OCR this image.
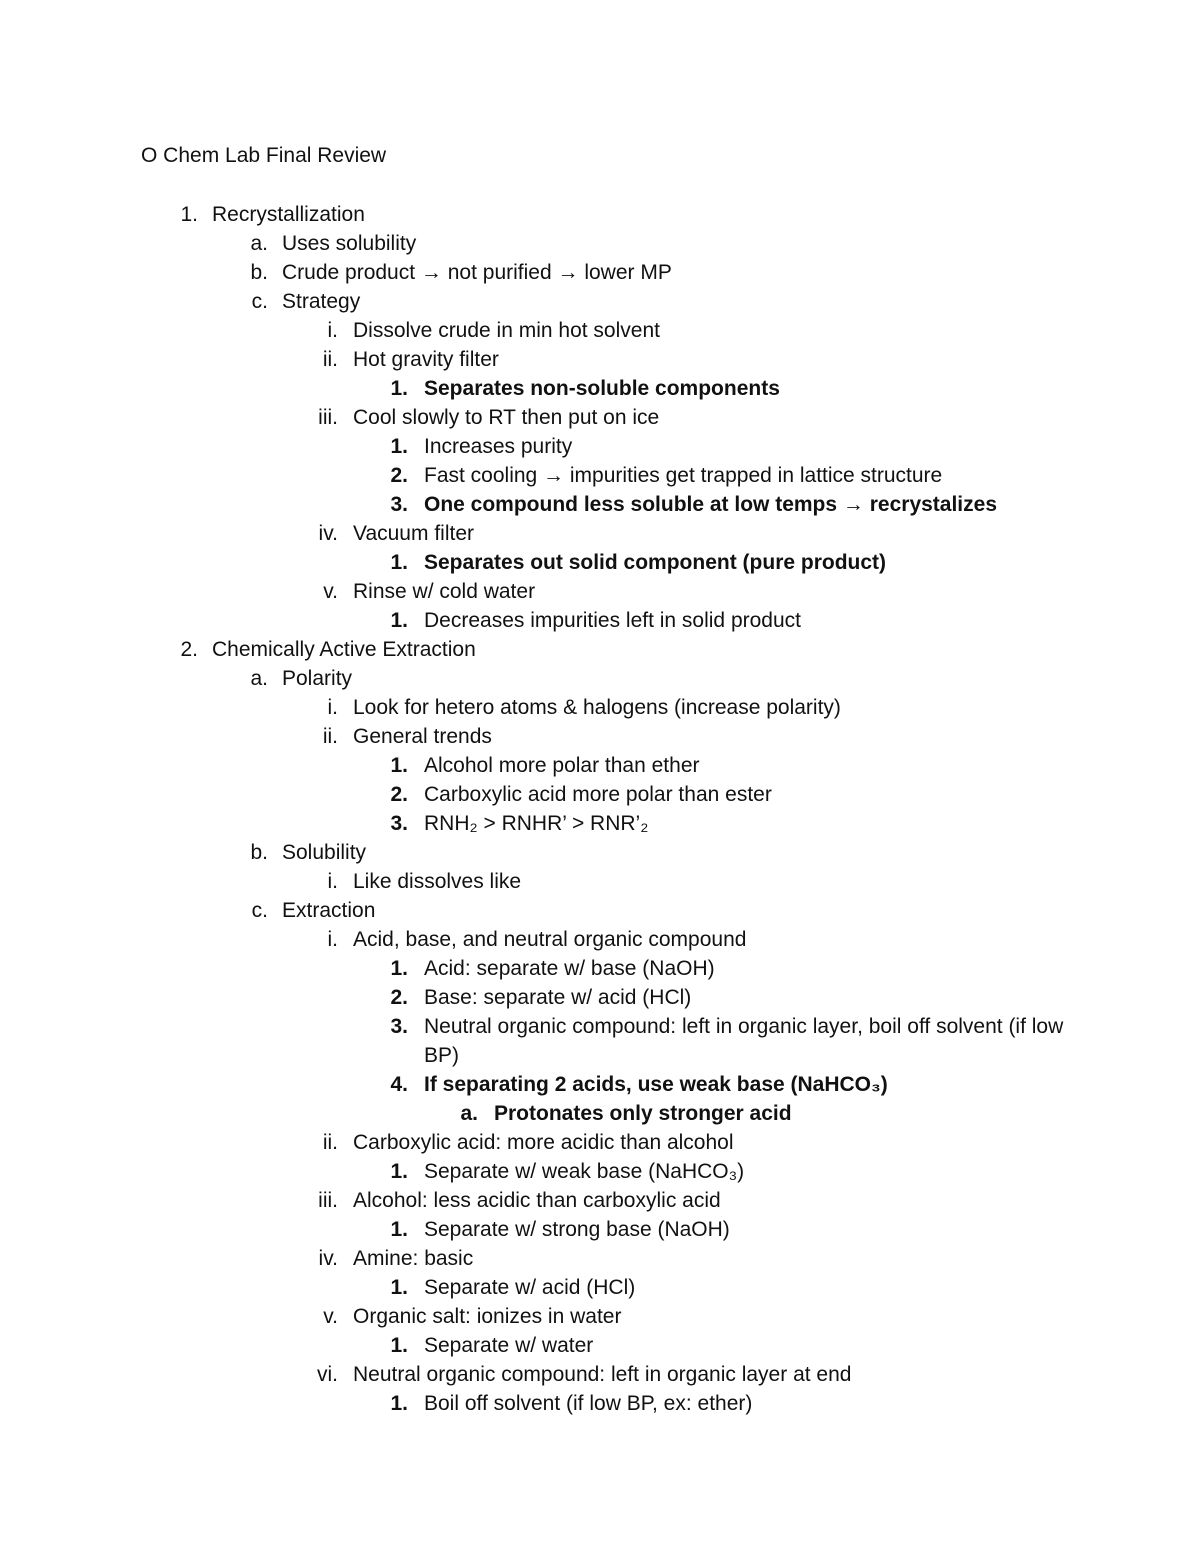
O Chem Lab Final Review
1. Recrystallization
a. Uses solubility
b. Crude product → not purified → lower MP
c. Strategy
i. Dissolve crude in min hot solvent
ii. Hot gravity filter
1. Separates non-soluble components
iii. Cool slowly to RT then put on ice
1. Increases purity
2. Fast cooling → impurities get trapped in lattice structure
3. One compound less soluble at low temps → recrystalizes
iv. Vacuum filter
1. Separates out solid component (pure product)
v. Rinse w/ cold water
1. Decreases impurities left in solid product
2. Chemically Active Extraction
a. Polarity
i. Look for hetero atoms & halogens (increase polarity)
ii. General trends
1. Alcohol more polar than ether
2. Carboxylic acid more polar than ester
3. RNH₂ > RNHR’ > RNR’₂
b. Solubility
i. Like dissolves like
c. Extraction
i. Acid, base, and neutral organic compound
1. Acid: separate w/ base (NaOH)
2. Base: separate w/ acid (HCl)
3. Neutral organic compound: left in organic layer, boil off solvent (if low BP)
4. If separating 2 acids, use weak base (NaHCO₃)
a. Protonates only stronger acid
ii. Carboxylic acid: more acidic than alcohol
1. Separate w/ weak base (NaHCO₃)
iii. Alcohol: less acidic than carboxylic acid
1. Separate w/ strong base (NaOH)
iv. Amine: basic
1. Separate w/ acid (HCl)
v. Organic salt: ionizes in water
1. Separate w/ water
vi. Neutral organic compound: left in organic layer at end
1. Boil off solvent (if low BP, ex: ether)
